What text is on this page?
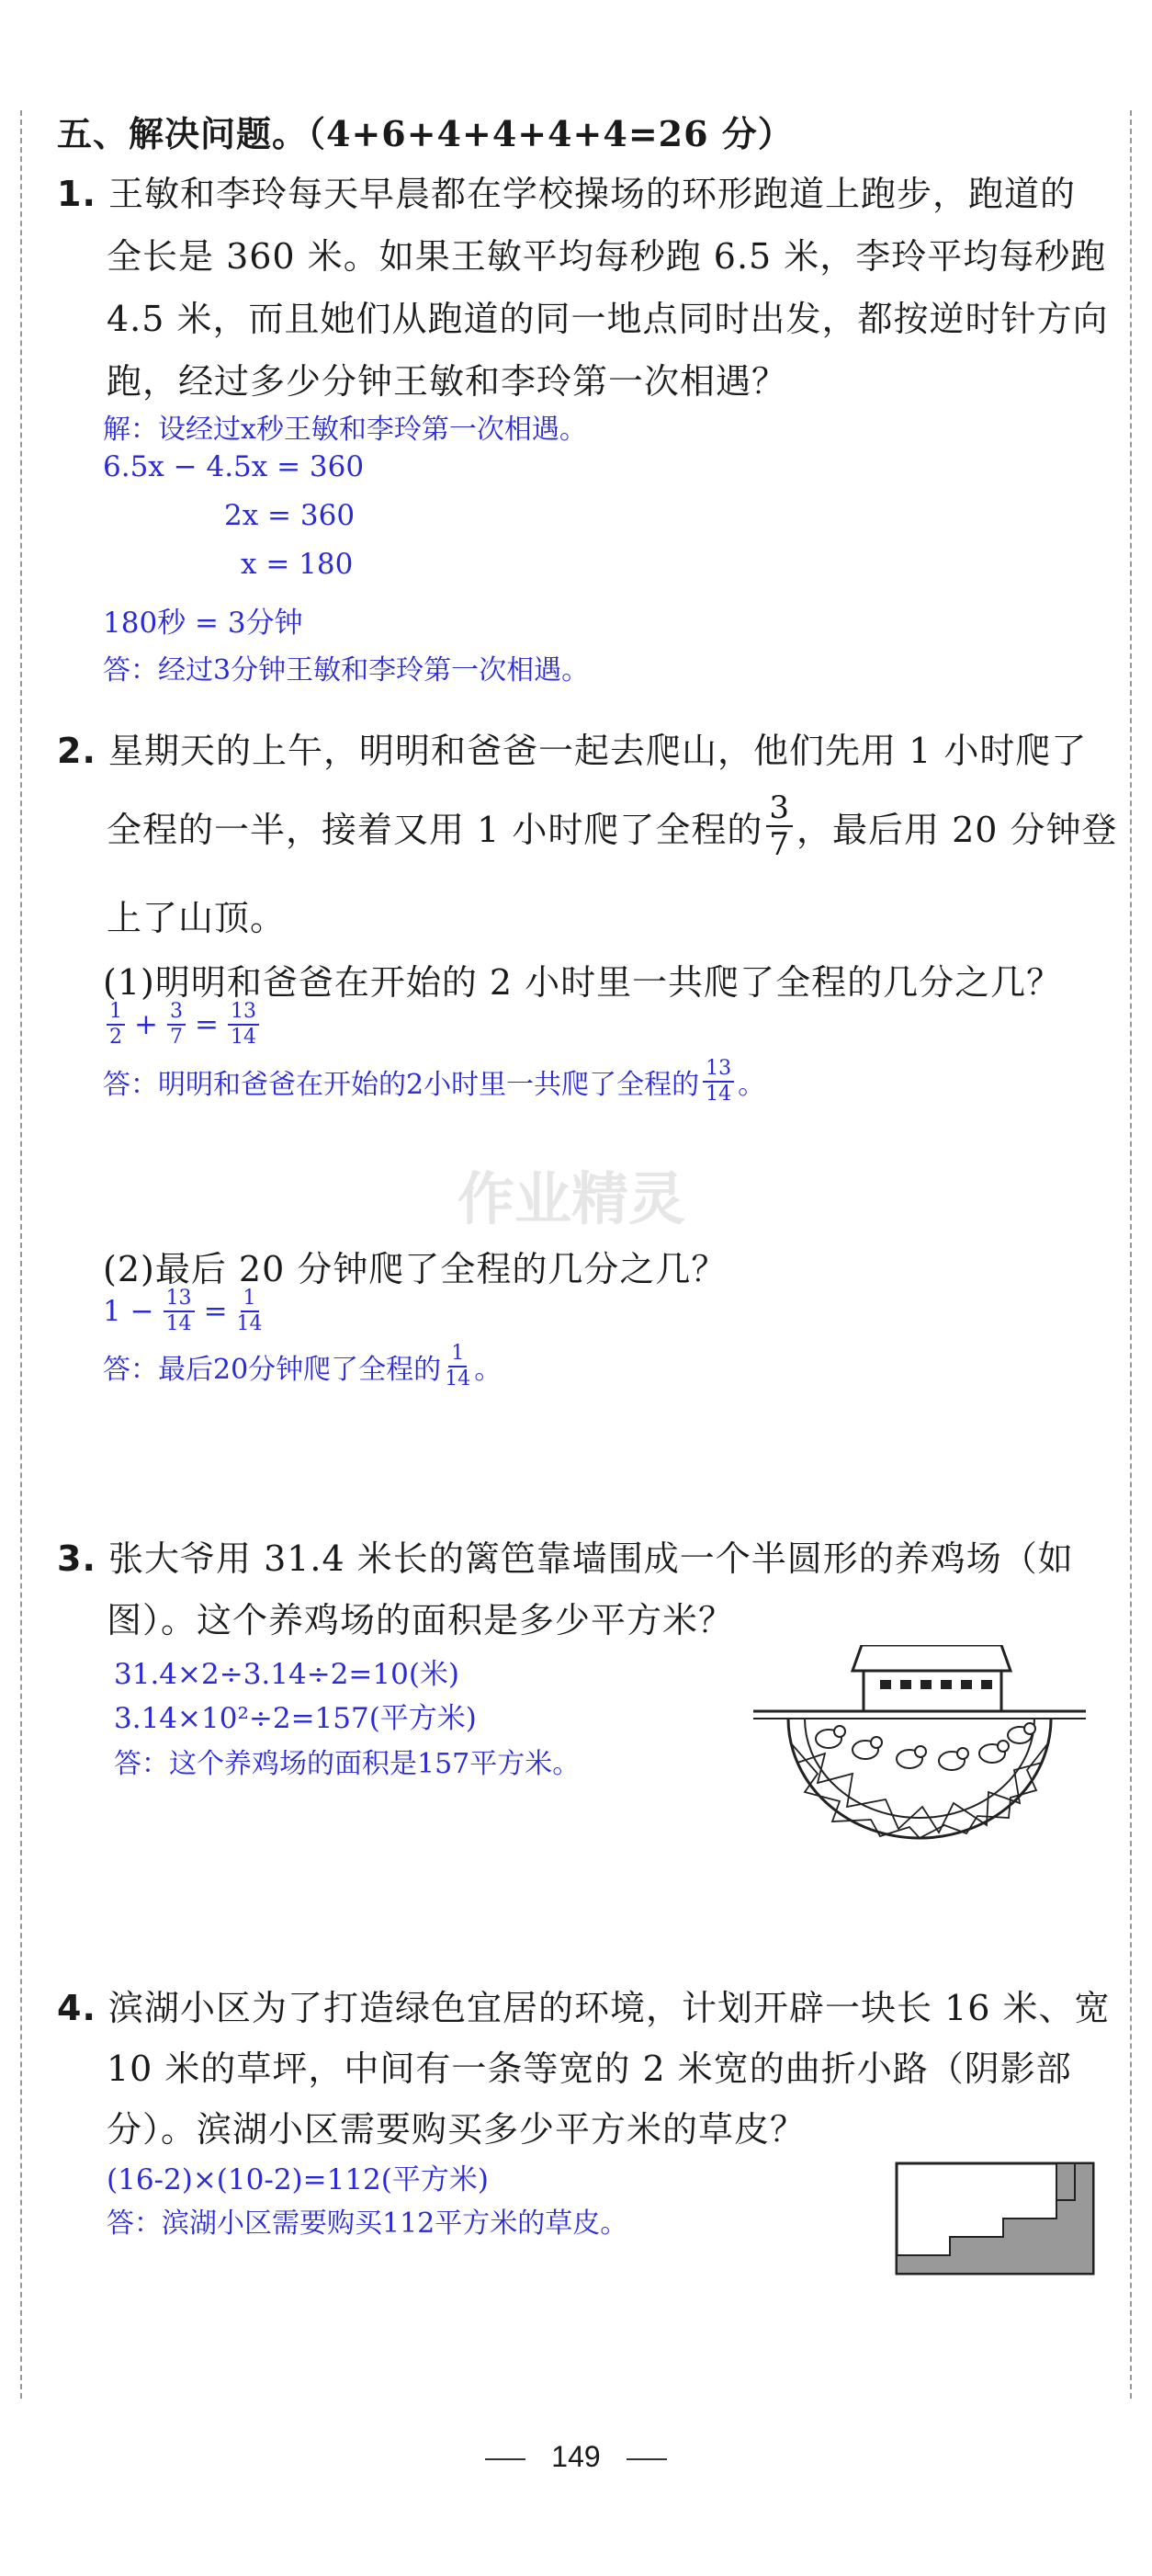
五、解决问题。（4+6+4+4+4+4=26 分）
1. 王敏和李玲每天早晨都在学校操场的环形跑道上跑步，跑道的
全长是 360 米。如果王敏平均每秒跑 6.5 米，李玲平均每秒跑
4.5 米，而且她们从跑道的同一地点同时出发，都按逆时针方向
跑，经过多少分钟王敏和李玲第一次相遇？
解：设经过x秒王敏和李玲第一次相遇。
6.5x − 4.5x = 360
2x = 360
x = 180
180秒 = 3分钟
答：经过3分钟王敏和李玲第一次相遇。
2. 星期天的上午，明明和爸爸一起去爬山，他们先用 1 小时爬了
全程的一半，接着又用 1 小时爬了全程的 $\frac{3}{7}$ ，最后用 20 分钟登
上了山顶。
(1)明明和爸爸在开始的 2 小时里一共爬了全程的几分之几？
$\frac{1}{2} + \frac{3}{7} = \frac{13}{14}$
答：明明和爸爸在开始的2小时里一共爬了全程的 $\frac{13}{14}$ 。
作业精灵
(2)最后 20 分钟爬了全程的几分之几？
$1 - \frac{13}{14} = \frac{1}{14}$
答：最后20分钟爬了全程的 $\frac{1}{14}$ 。
3. 张大爷用 31.4 米长的篱笆靠墙围成一个半圆形的养鸡场（如
图）。这个养鸡场的面积是多少平方米？
31.4×2÷3.14÷2=10(米)
3.14×10²÷2=157(平方米)
答：这个养鸡场的面积是157平方米。
4. 滨湖小区为了打造绿色宜居的环境，计划开辟一块长 16 米、宽
10 米的草坪，中间有一条等宽的 2 米宽的曲折小路（阴影部
分）。滨湖小区需要购买多少平方米的草皮？
(16-2)×(10-2)=112(平方米)
答：滨湖小区需要购买112平方米的草皮。
149
